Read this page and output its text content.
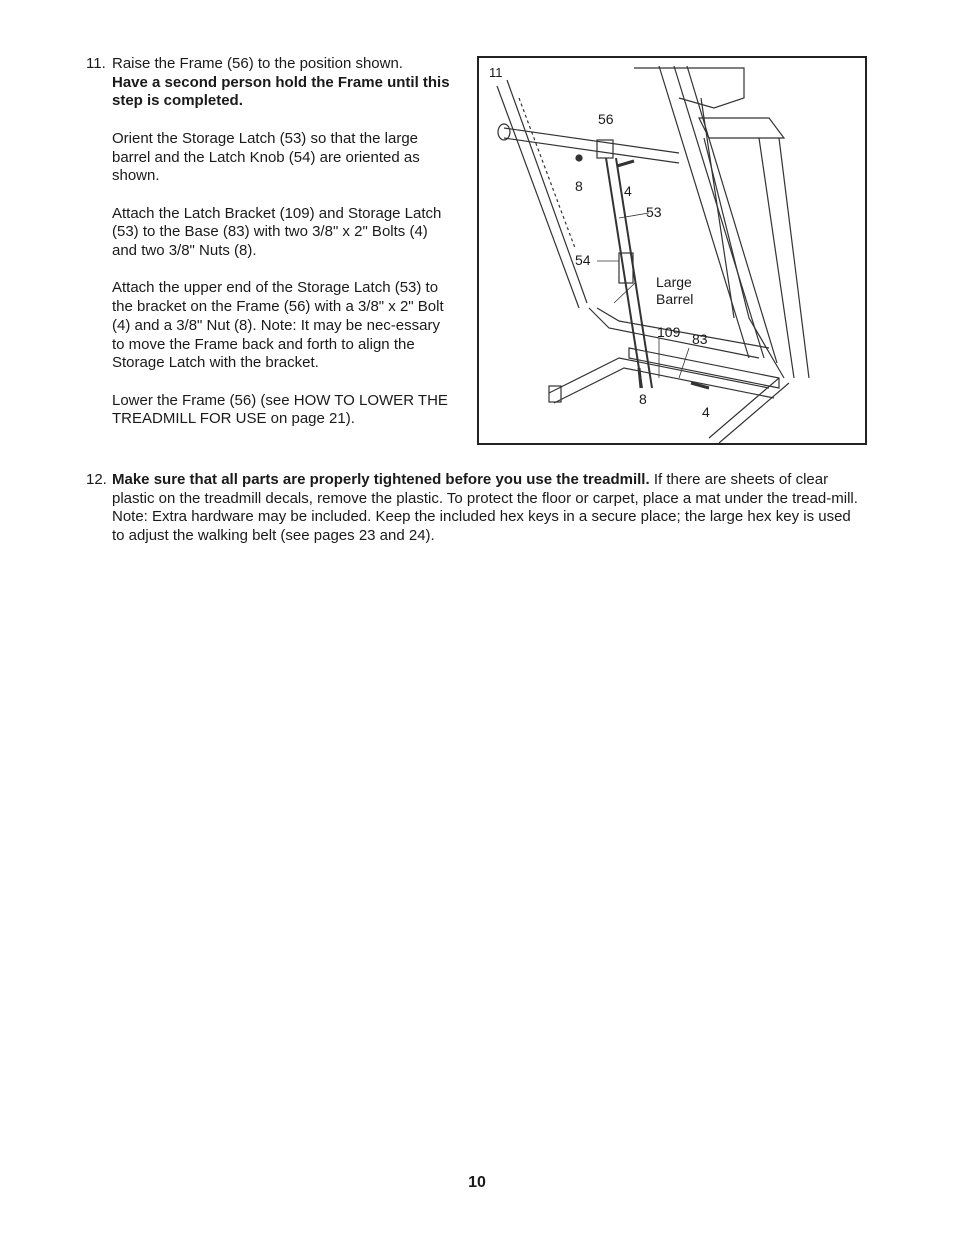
11. Raise the Frame (56) to the position shown.

Have a second person hold the Frame until this step is completed.

Orient the Storage Latch (53) so that the large barrel and the Latch Knob (54) are oriented as shown.

Attach the Latch Bracket (109) and Storage Latch (53) to the Base (83) with two 3/8" x 2" Bolts (4) and two 3/8" Nuts (8).

Attach the upper end of the Storage Latch (53) to the bracket on the Frame (56) with a 3/8" x 2" Bolt (4) and a 3/8" Nut (8). Note: It may be nec-essary to move the Frame back and forth to align the Storage Latch with the bracket.

Lower the Frame (56) (see HOW TO LOWER THE TREADMILL FOR USE on page 21).

11
56
8	4
53
54
Large
Barrel
109 83
8
4
12. Make sure that all parts are properly tightened before you use the treadmill. If there are sheets of clear plastic on the treadmill decals, remove the plastic. To protect the floor or carpet, place a mat under the tread-mill. Note: Extra hardware may be included. Keep the included hex keys in a secure place; the large hex key is used to adjust the walking belt (see pages 23 and 24).
10
